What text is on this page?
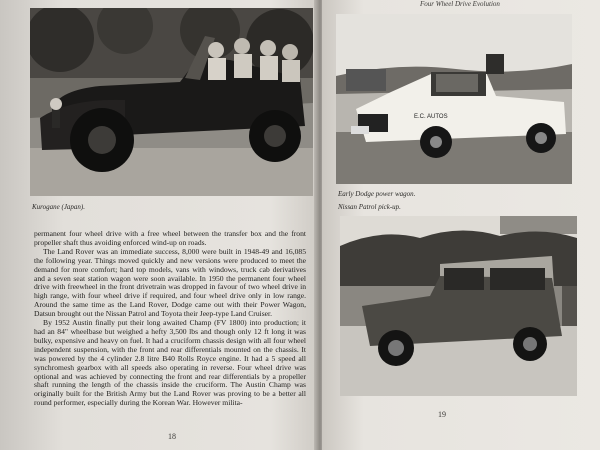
Kurogane (Japan).

permanent four wheel drive with a free wheel between the transfer box and the front propeller shaft thus avoiding enforced wind-up on roads.

The Land Rover was an immediate success, 8,000 were built in 1948-49 and 16,085 the following year. Things moved quickly and new versions were produced to meet the demand for more comfort; hard top models, vans with windows, truck cab derivatives and a seven seat station wagon were soon available. In 1950 the permanent four wheel drive with freewheel in the front drivetrain was dropped in favour of two wheel drive in high range, with four wheel drive if required, and four wheel drive only in low range. Around the same time as the Land Rover, Dodge came out with their Power Wagon, Datsun brought out the Nissan Patrol and Toyota their Jeep-type Land Cruiser.

By 1952 Austin finally put their long awaited Champ (FV 1800) into production; it had an 84" wheelbase but weighed a hefty 3,500 lbs and though only 12 ft long it was bulky, expensive and heavy on fuel. It had a cruciform chassis design with all four wheel independent suspension, with the front and rear differentials mounted on the chassis. It was powered by the 4 cylinder 2.8 litre B40 Rolls Royce engine. It had a 5 speed all synchromesh gearbox with all speeds also operating in reverse. Four wheel drive was optional and was achieved by connecting the front and rear differentials by a propeller shaft running the length of the chassis inside the cruciform. The Austin Champ was originally built for the British Army but the Land Rover was proving to be a better all round performer, especially during the Korean War. However milita-

18
E.C. AUTOS
Early Dodge power wagon.
Nissan Patrol pick-up.
19
Four Wheel Drive Evolution
